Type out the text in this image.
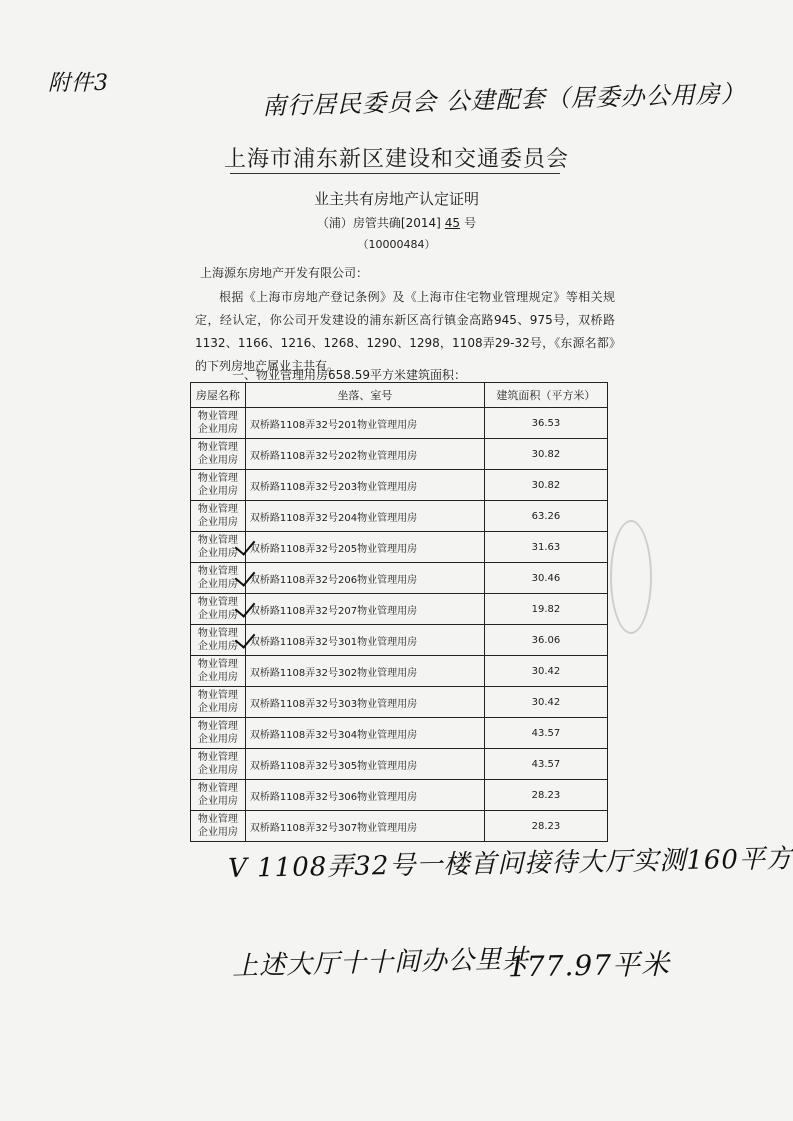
附件3	南行居民委员会 公建配套（居委办公用房）
上海市浦东新区建设和交通委员会
业主共有房地产认定证明
（浦）房管共确[2014] 45 号
（10000484）
上海源东房地产开发有限公司：
根据《上海市房地产登记条例》及《上海市住宅物业管理规定》等相关规定，经认定，你公司开发建设的浦东新区高行镇金高路945、975号，双桥路1132、1166、1216、1268、1290、1298，1108弄29-32号，《东源名都》的下列房地产属业主共有。
一、物业管理用房658.59平方米建筑面积：
房屋名称	坐落、室号	建筑面积（平方米）
物业管理企业用房	双桥路1108弄32号201物业管理用房	36.53
物业管理企业用房	双桥路1108弄32号202物业管理用房	30.82
物业管理企业用房	双桥路1108弄32号203物业管理用房	30.82
物业管理企业用房	双桥路1108弄32号204物业管理用房	63.26
物业管理企业用房	双桥路1108弄32号205物业管理用房	31.63
物业管理企业用房	双桥路1108弄32号206物业管理用房	30.46
物业管理企业用房	双桥路1108弄32号207物业管理用房	19.82
物业管理企业用房	双桥路1108弄32号301物业管理用房	36.06
物业管理企业用房	双桥路1108弄32号302物业管理用房	30.42
物业管理企业用房	双桥路1108弄32号303物业管理用房	30.42
物业管理企业用房	双桥路1108弄32号304物业管理用房	43.57
物业管理企业用房	双桥路1108弄32号305物业管理用房	43.57
物业管理企业用房	双桥路1108弄32号306物业管理用房	28.23
物业管理企业用房	双桥路1108弄32号307物业管理用房	28.23
V 1108弄32号一楼首问接待大厅实测160平方
上述大厅十十间办公里共
177.97平米
